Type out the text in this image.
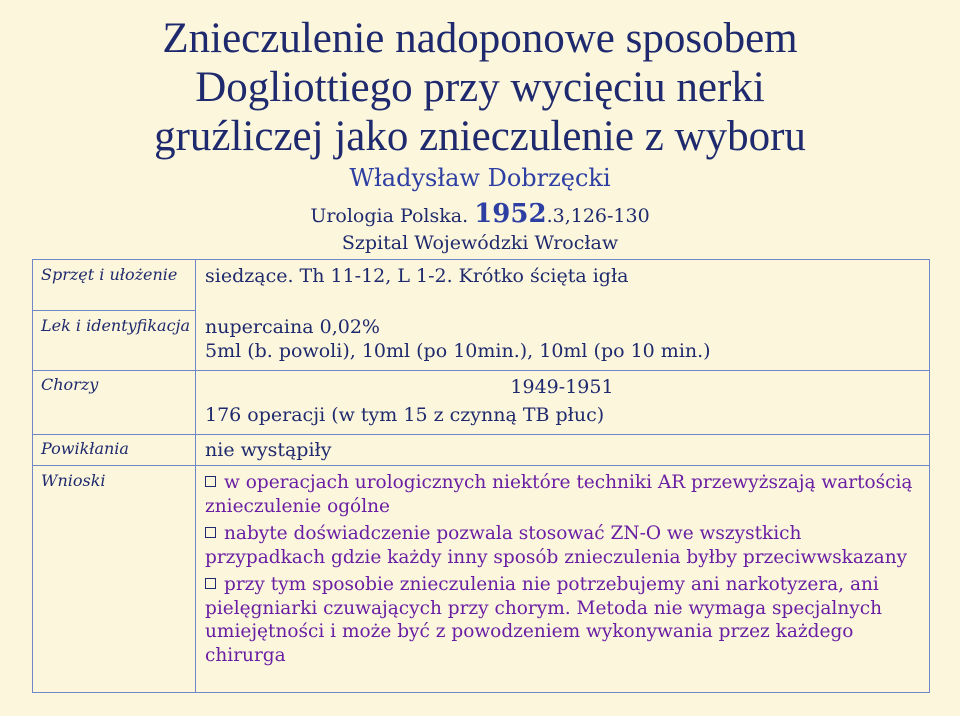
Znieczulenie nadoponowe sposobem
Dogliottiego przy wycięciu nerki
gruźliczej jako znieczulenie z wyboru
Władysław Dobrzęcki
Urologia Polska. 1952.3,126-130
Szpital Wojewódzki Wrocław
Sprzęt i ułożenie
Lek i identyfikacja
Chorzy
Powikłania
Wnioski
siedzące. Th 11-12, L 1-2. Krótko ścięta igła
nupercaina 0,02%
5ml (b. powoli), 10ml (po 10min.), 10ml (po 10 min.)
1949-1951
176 operacji (w tym 15 z czynną TB płuc)
nie wystąpiły
w operacjach urologicznych niektóre techniki AR przewyższają wartością znieczulenie ogólne
nabyte doświadczenie pozwala stosować ZN-O we wszystkich przypadkach gdzie każdy inny sposób znieczulenia byłby przeciwwskazany
przy tym sposobie znieczulenia nie potrzebujemy ani narkotyzera, ani pielęgniarki czuwających przy chorym. Metoda nie wymaga specjalnych umiejętności i może być z powodzeniem wykonywania przez każdego chirurga
